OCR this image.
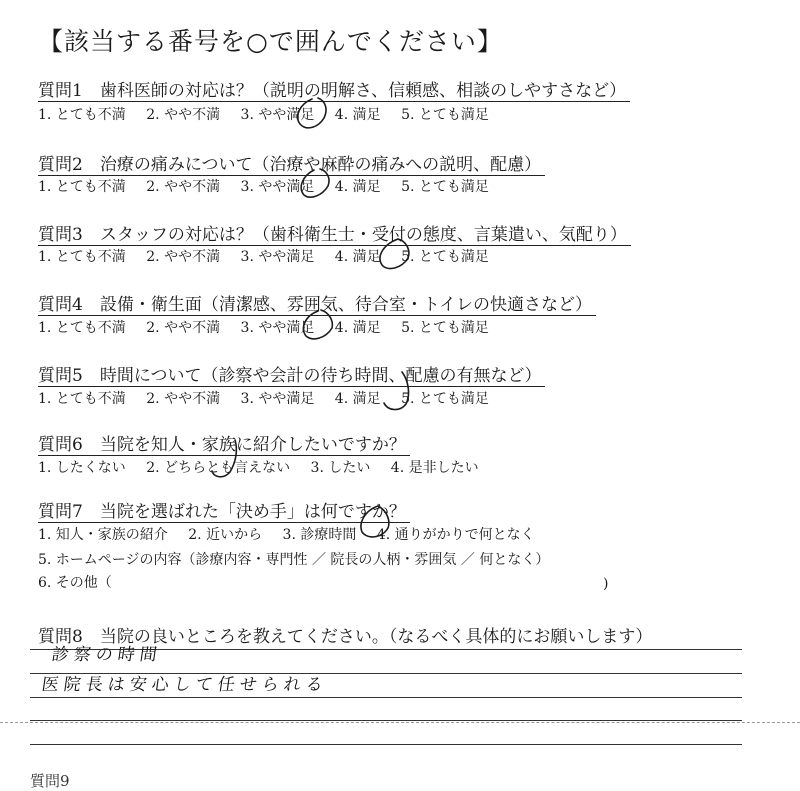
【該当する番号を○で囲んでください】
質問1　歯科医師の対応は？（説明の明解さ、信頼感、相談のしやすさなど）
1. とても不満 2. やや不満 3. やや満足 4. 満足 5. とても満足
質問2　治療の痛みについて（治療や麻酔の痛みへの説明、配慮）
1. とても不満 2. やや不満 3. やや満足 4. 満足 5. とても満足
質問3　スタッフの対応は？（歯科衛生士・受付の態度、言葉遣い、気配り）
1. とても不満 2. やや不満 3. やや満足 4. 満足 5. とても満足
質問4　設備・衛生面（清潔感、雰囲気、待合室・トイレの快適さなど）
1. とても不満 2. やや不満 3. やや満足 4. 満足 5. とても満足
質問5　時間について（診察や会計の待ち時間、配慮の有無など）
1. とても不満 2. やや不満 3. やや満足 4. 満足 5. とても満足
質問6　当院を知人・家族に紹介したいですか？
1. したくない 2. どちらとも言えない 3. したい 4. 是非したい
質問7　当院を選ばれた「決め手」は何ですか？
1. 知人・家族の紹介 2. 近いから 3. 診療時間 4. 通りがかりで何となく
5. ホームページの内容（診療内容・専門性 ／ 院長の人柄・雰囲気 ／ 何となく）
6. その他（	)
質問8　当院の良いところを教えてください。（なるべく具体的にお願いします）
診察の時間
医院長は安心して任せられる
質問9
